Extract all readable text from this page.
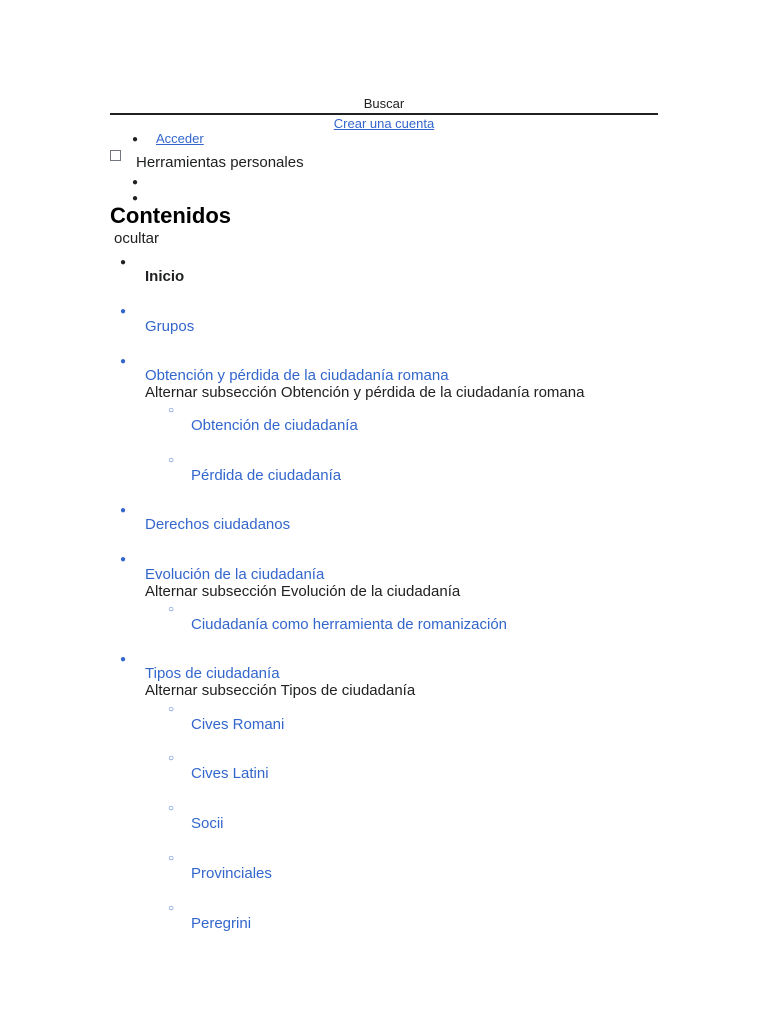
Buscar
Crear una cuenta
● Acceder
Herramientas personales
●
●
Contenidos
ocultar
●
Inicio
●
Grupos
●
Obtención y pérdida de la ciudadanía romana
Alternar subsección Obtención y pérdida de la ciudadanía romana
○
Obtención de ciudadanía
○
Pérdida de ciudadanía
●
Derechos ciudadanos
●
Evolución de la ciudadanía
Alternar subsección Evolución de la ciudadanía
○
Ciudadanía como herramienta de romanización
●
Tipos de ciudadanía
Alternar subsección Tipos de ciudadanía
○
Cives Romani
○
Cives Latini
○
Socii
○
Provinciales
○
Peregrini
